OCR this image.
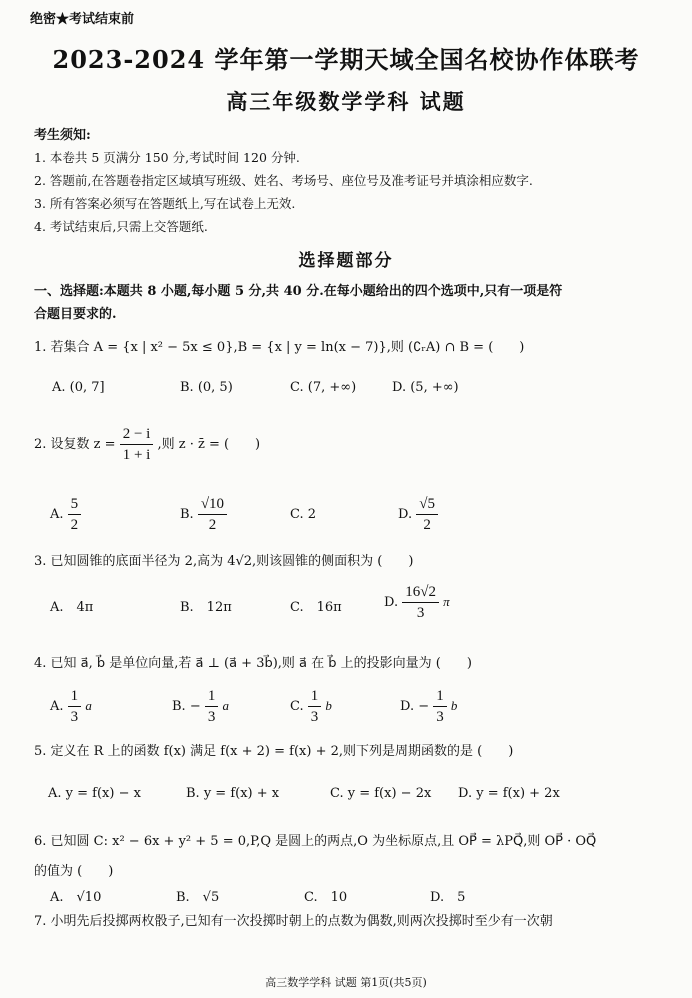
绝密★考试结束前
2023-2024 学年第一学期天域全国名校协作体联考
高三年级数学学科 试题
考生须知:
1. 本卷共 5 页满分 150 分,考试时间 120 分钟.
2. 答题前,在答题卷指定区域填写班级、姓名、考场号、座位号及准考证号并填涂相应数字.
3. 所有答案必须写在答题纸上,写在试卷上无效.
4. 考试结束后,只需上交答题纸.
选择题部分
一、选择题:本题共 8 小题,每小题 5 分,共 40 分.在每小题给出的四个选项中,只有一项是符
合题目要求的.
1. 若集合 A = {x | x² − 5x ≤ 0},B = {x | y = ln(x − 7)},则 (∁ᵣA) ∩ B = (　　)
A. (0, 7]	B. (0, 5)	C. (7, +∞)	D. (5, +∞)
2. 设复数 $z = \frac{2 - i}{1 + i}$ ,则 z · z̄ = (　　)
A. $\frac{5}{2}$	B. $\frac{√10}{2}$	C. 2	D. $\frac{√5}{2}$
3. 已知圆锥的底面半径为 2,高为 4√2,则该圆锥的侧面积为 (　　)
A.　4π	B.　12π	C.　16π	D. $\frac{16√2}{3}$ π
4. 已知 a⃗, b⃗ 是单位向量,若 a⃗ ⊥ (a⃗ + 3b⃗),则 a⃗ 在 b⃗ 上的投影向量为 (　　)
A. $\frac{1}{3}$ a⃗	B. − $\frac{1}{3}$ a⃗	C. $\frac{1}{3}$ b⃗	D. − $\frac{1}{3}$ b⃗
5. 定义在 R 上的函数 f(x) 满足 f(x + 2) = f(x) + 2,则下列是周期函数的是 (　　)
A. y = f(x) − x	B. y = f(x) + x	C. y = f(x) − 2x D. y = f(x) + 2x
6. 已知圆 C: x² − 6x + y² + 5 = 0,P,Q 是圆上的两点,O 为坐标原点,且 OP⃗ = λPQ⃗,则 OP⃗ · OQ⃗
的值为 (　　)
A.　√10	B.　√5	C.　10	D.　5
7. 小明先后投掷两枚骰子,已知有一次投掷时朝上的点数为偶数,则两次投掷时至少有一次朝
高三数学学科 试题 第1页(共5页)
